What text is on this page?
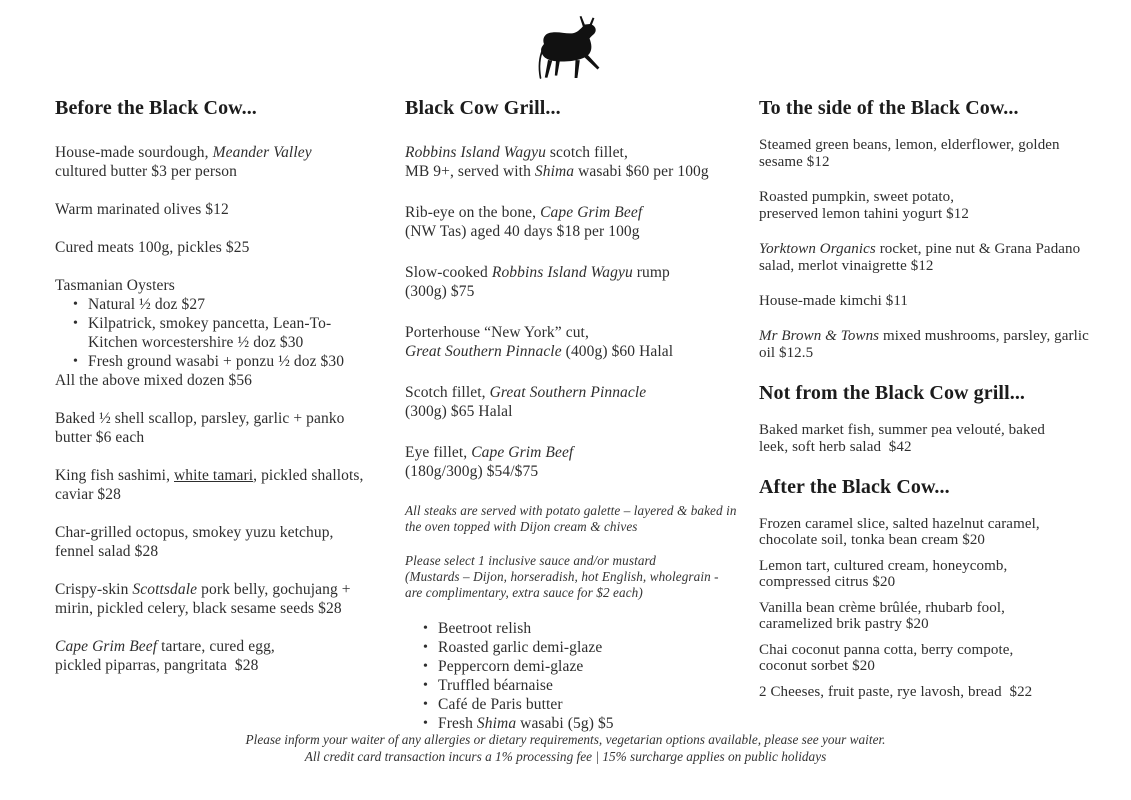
Before the Black Cow...

House-made sourdough, Meander Valley
cultured butter $3 per person

Warm marinated olives $12

Cured meats 100g, pickles $25

Tasmanian Oysters

• Natural ½ doz $27
• Kilpatrick, smokey pancetta, Lean-To-
Kitchen worcestershire ½ doz $30
• Fresh ground wasabi + ponzu ½ doz $30

All the above mixed dozen $56

Baked ½ shell scallop, parsley, garlic + panko
butter $6 each

King fish sashimi, white tamari, pickled shallots,
caviar $28

Char-grilled octopus, smokey yuzu ketchup,
fennel salad $28

Crispy-skin Scottsdale pork belly, gochujang +
mirin, pickled celery, black sesame seeds $28

Cape Grim Beef tartare, cured egg,
pickled piparras, pangritata  $28

Black Cow Grill...

Robbins Island Wagyu scotch fillet,
MB 9+, served with Shima wasabi $60 per 100g

Rib-eye on the bone, Cape Grim Beef
(NW Tas) aged 40 days $18 per 100g

Slow-cooked Robbins Island Wagyu rump
(300g) $75

Porterhouse “New York” cut,
Great Southern Pinnacle (400g) $60 Halal

Scotch fillet, Great Southern Pinnacle
(300g) $65 Halal

Eye fillet, Cape Grim Beef
(180g/300g) $54/$75

All steaks are served with potato galette – layered & baked in
the oven topped with Dijon cream & chives

Please select 1 inclusive sauce and/or mustard
(Mustards – Dijon, horseradish, hot English, wholegrain -
are complimentary, extra sauce for $2 each)

• Beetroot relish
• Roasted garlic demi-glaze
• Peppercorn demi-glaze
• Truffled béarnaise
• Café de Paris butter
• Fresh Shima wasabi (5g) $5
To the side of the Black Cow...

Steamed green beans, lemon, elderflower, golden
sesame $12

Roasted pumpkin, sweet potato,
preserved lemon tahini yogurt $12

Yorktown Organics rocket, pine nut & Grana Padano
salad, merlot vinaigrette $12

House-made kimchi $11

Mr Brown & Towns mixed mushrooms, parsley, garlic
oil $12.5

Not from the Black Cow grill...

Baked market fish, summer pea velouté, baked
leek, soft herb salad  $42

After the Black Cow...

Frozen caramel slice, salted hazelnut caramel,
chocolate soil, tonka bean cream $20

Lemon tart, cultured cream, honeycomb,
compressed citrus $20

Vanilla bean crème brûlée, rhubarb fool,
caramelized brik pastry $20

Chai coconut panna cotta, berry compote,
coconut sorbet $20

2 Cheeses, fruit paste, rye lavosh, bread  $22

Please inform your waiter of any allergies or dietary requirements, vegetarian options available, please see your waiter.
All credit card transaction incurs a 1% processing fee | 15% surcharge applies on public holidays
